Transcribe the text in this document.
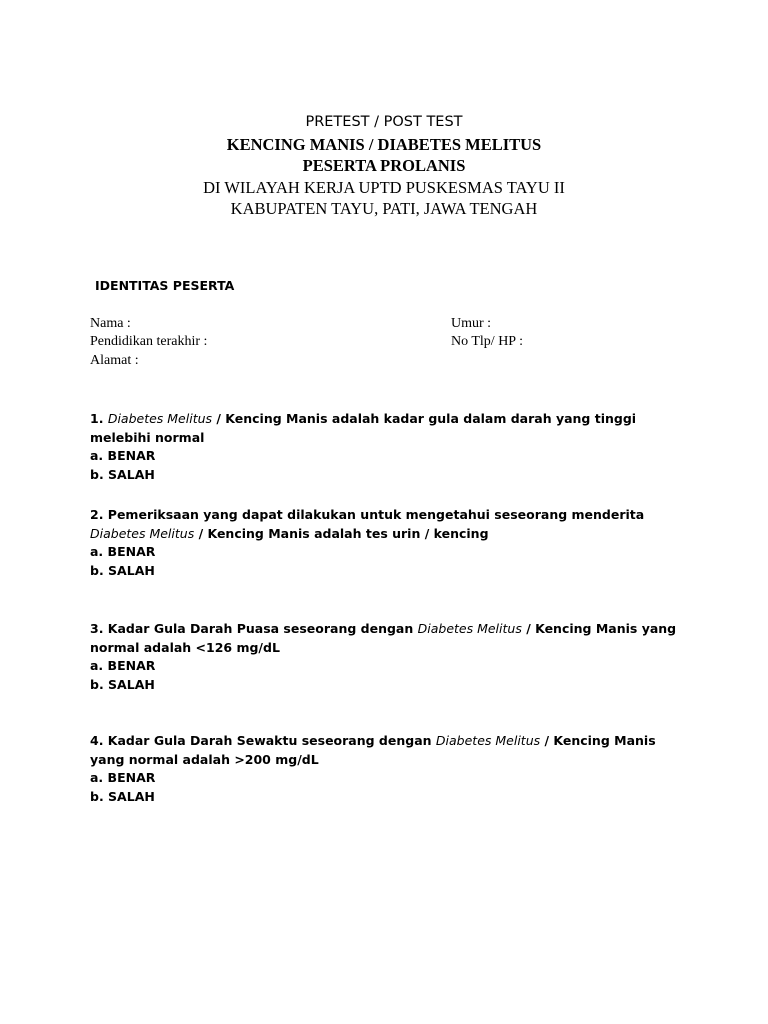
PRETEST / POST TEST
KENCING MANIS / DIABETES MELITUS
PESERTA PROLANIS
DI WILAYAH KERJA UPTD PUSKESMAS TAYU II
KABUPATEN TAYU, PATI, JAWA TENGAH
IDENTITAS PESERTA
Nama :
Pendidikan terakhir :
Alamat :
Umur :
No Tlp/ HP :
1. Diabetes Melitus / Kencing Manis adalah kadar gula dalam darah yang tinggi melebihi normal
a. BENAR
b. SALAH
2. Pemeriksaan yang dapat dilakukan untuk mengetahui seseorang menderita Diabetes Melitus / Kencing Manis adalah tes urin / kencing
a. BENAR
b. SALAH
3. Kadar Gula Darah Puasa seseorang dengan Diabetes Melitus / Kencing Manis yang normal adalah <126 mg/dL
a. BENAR
b. SALAH
4. Kadar Gula Darah Sewaktu seseorang dengan Diabetes Melitus / Kencing Manis yang normal adalah >200 mg/dL
a. BENAR
b. SALAH
